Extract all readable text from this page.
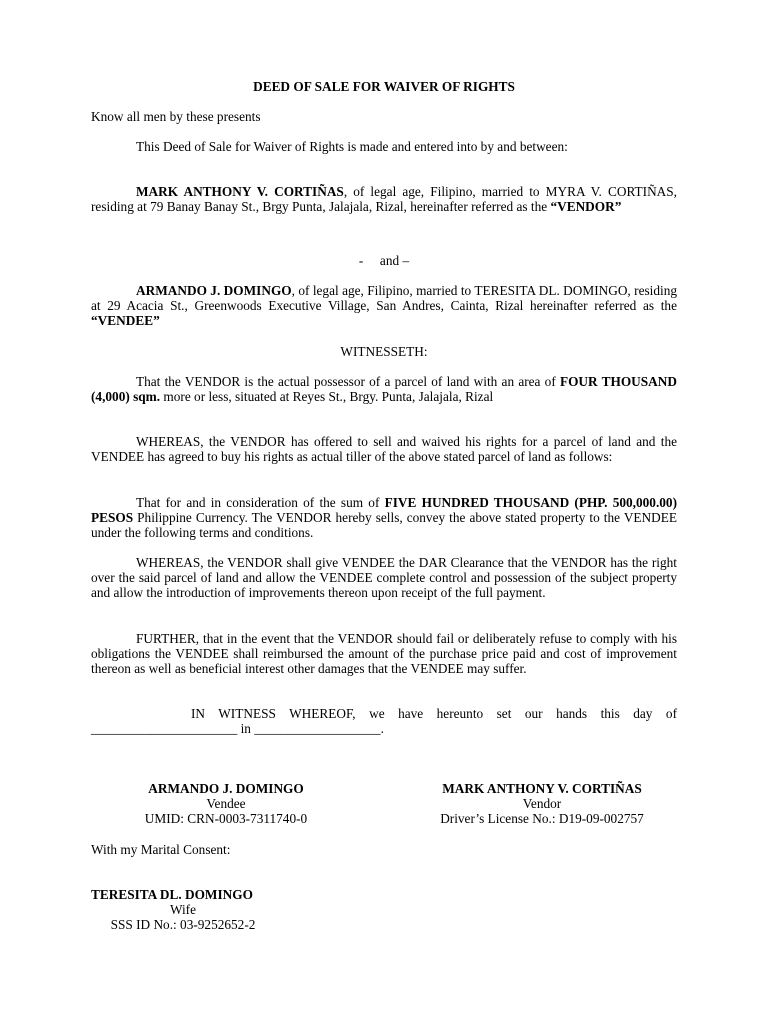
DEED OF SALE FOR WAIVER OF RIGHTS

Know all men by these presents

This Deed of Sale for Waiver of Rights is made and entered into by and between:

MARK ANTHONY V. CORTIÑAS, of legal age, Filipino, married to MYRA V. CORTIÑAS, residing at 79 Banay Banay St., Brgy Punta, Jalajala, Rizal, hereinafter referred as the “VENDOR”

-     and –

ARMANDO J. DOMINGO, of legal age, Filipino, married to TERESITA DL. DOMINGO, residing at 29 Acacia St., Greenwoods Executive Village, San Andres, Cainta, Rizal hereinafter referred as the “VENDEE”

WITNESSETH:

That the VENDOR is the actual possessor of a parcel of land with an area of FOUR THOUSAND (4,000) sqm. more or less, situated at Reyes St., Brgy. Punta, Jalajala, Rizal

WHEREAS, the VENDOR has offered to sell and waived his rights for a parcel of land and the VENDEE has agreed to buy his rights as actual tiller of the above stated parcel of land as follows:

That for and in consideration of the sum of FIVE HUNDRED THOUSAND (PHP. 500,000.00) PESOS Philippine Currency. The VENDOR hereby sells, convey the above stated property to the VENDEE under the following terms and conditions.

WHEREAS, the VENDOR shall give VENDEE the DAR Clearance that the VENDOR has the right over the said parcel of land and allow the VENDEE complete control and possession of the subject property and allow the introduction of improvements thereon upon receipt of the full payment.

FURTHER, that in the event that the VENDOR should fail or deliberately refuse to comply with his obligations the VENDEE shall reimbursed the amount of the purchase price paid and cost of improvement thereon as well as beneficial interest other damages that the VENDEE may suffer.

IN WITNESS WHEREOF, we have hereunto set our hands this day of

______________________ in ___________________.

ARMANDO J. DOMINGO
Vendee
UMID: CRN-0003-7311740-0
MARK ANTHONY V. CORTIÑAS
Vendor
Driver’s License No.: D19-09-002757

With my Marital Consent:

TERESITA DL. DOMINGO
Wife
SSS ID No.: 03-9252652-2
